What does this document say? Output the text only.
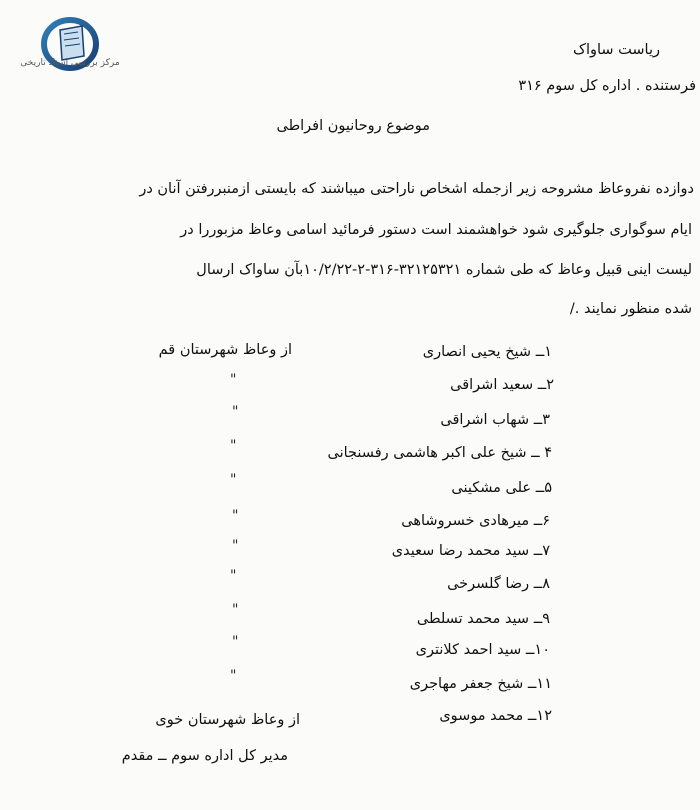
مرکز بررسی اسناد تاریخی
ریاست ساواک
فرستنده . اداره کل سوم ۳۱۶
موضوع روحانیون افراطی
دوازده نفروعاظ مشروحه زیر ازجمله اشخاص ناراحتی میباشند که بایستی ازمنبررفتن آنان در
ایام سوگواری جلوگیری شود خواهشمند است دستور فرمائید اسامی وعاظ مزبوررا در
لیست اینی قبیل وعاظ که طی شماره ۳۲۱۲۵۳۲۱-۳۱۶-۲-۱۰/۲/۲۲بآن ساواک ارسال
شده منظور نمایند ./
از وعاظ شهرستان قم
"
"
"
"
"
"
"
"
"
"
۱ــ شیخ یحیی انصاری
۲ــ سعید اشراقی
۳ــ شهاب اشراقی
۴ ــ شیخ علی اکبر هاشمی رفسنجانی
۵ــ علی مشکینی
۶ــ میرهادی خسروشاهی
۷ــ سید محمد رضا سعیدی
۸ــ رضا گلسرخی
۹ــ سید محمد تسلطی
۱۰ــ سید احمد کلانتری
۱۱ــ شیخ جعفر مهاجری
۱۲ــ محمد موسوی
از وعاظ شهرستان خوی
مدیر کل اداره سوم ــ مقدم
